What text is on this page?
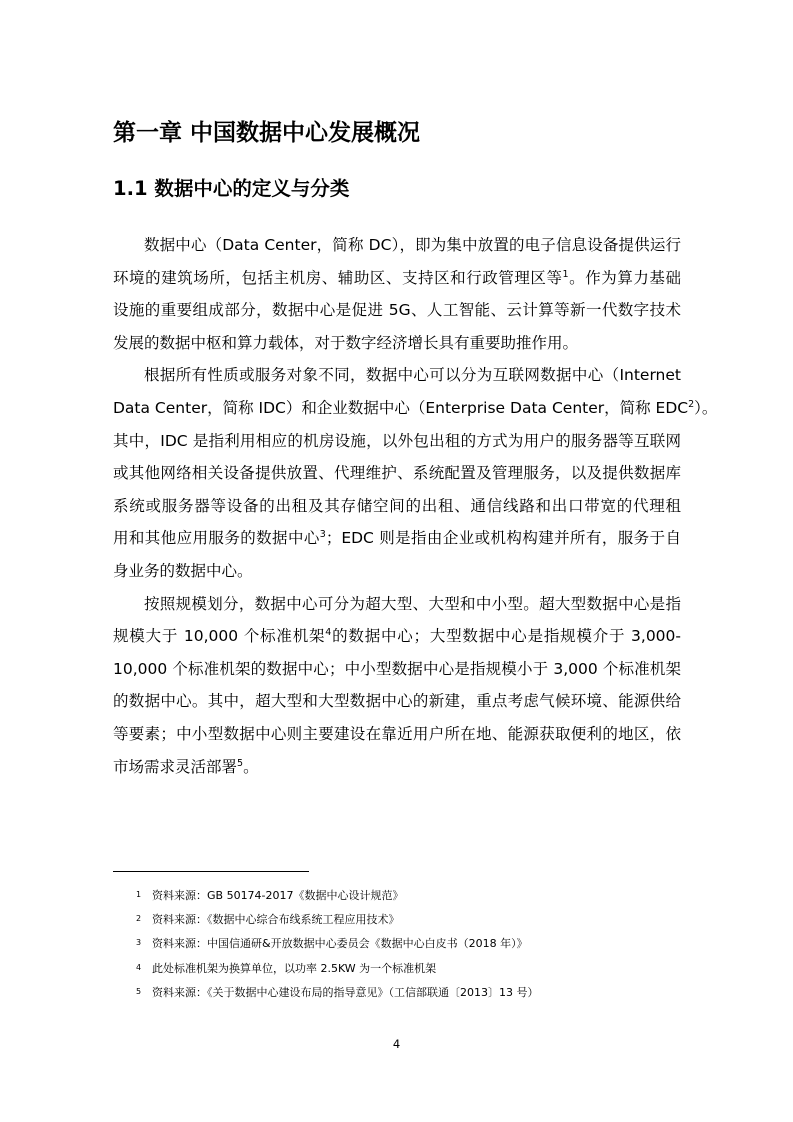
第一章 中国数据中心发展概况
1.1 数据中心的定义与分类
数据中心（Data Center，简称 DC），即为集中放置的电子信息设备提供运行
环境的建筑场所，包括主机房、辅助区、支持区和行政管理区等$^1$。作为算力基础
设施的重要组成部分，数据中心是促进 5G、人工智能、云计算等新一代数字技术
发展的数据中枢和算力载体，对于数字经济增长具有重要助推作用。
根据所有性质或服务对象不同，数据中心可以分为互联网数据中心（Internet
Data Center，简称 IDC）和企业数据中心（Enterprise Data Center，简称 EDC$^2$）。
其中，IDC 是指利用相应的机房设施，以外包出租的方式为用户的服务器等互联网
或其他网络相关设备提供放置、代理维护、系统配置及管理服务，以及提供数据库
系统或服务器等设备的出租及其存储空间的出租、通信线路和出口带宽的代理租
用和其他应用服务的数据中心$^3$；EDC 则是指由企业或机构构建并所有，服务于自
身业务的数据中心。
按照规模划分，数据中心可分为超大型、大型和中小型。超大型数据中心是指
规模大于 10,000 个标准机架$^4$的数据中心；大型数据中心是指规模介于 3,000-
10,000 个标准机架的数据中心；中小型数据中心是指规模小于 3,000 个标准机架
的数据中心。其中，超大型和大型数据中心的新建，重点考虑气候环境、能源供给
等要素；中小型数据中心则主要建设在靠近用户所在地、能源获取便利的地区，依
市场需求灵活部署$^5$。
1 资料来源：GB 50174-2017《数据中心设计规范》
2 资料来源：《数据中心综合布线系统工程应用技术》
3 资料来源：中国信通研&开放数据中心委员会《数据中心白皮书（2018 年）》
4 此处标准机架为换算单位，以功率 2.5KW 为一个标准机架
5 资料来源：《关于数据中心建设布局的指导意见》（工信部联通〔2013〕13 号）
4
